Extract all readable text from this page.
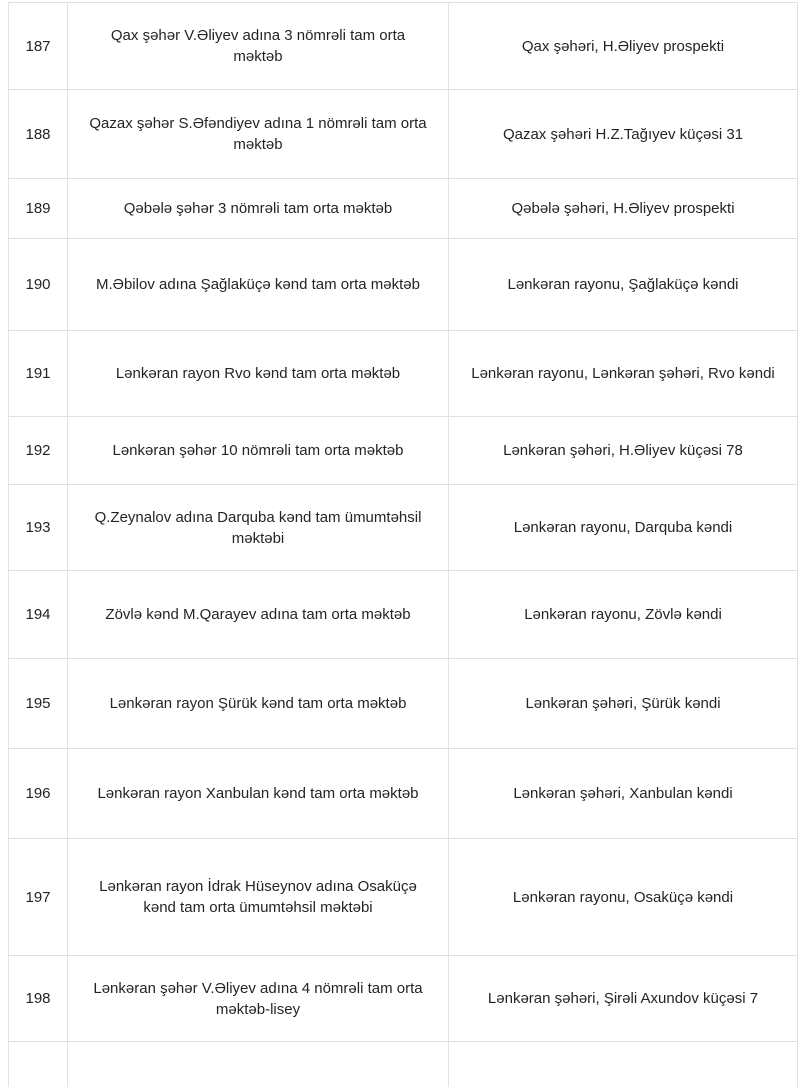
187	Qax şəhər V.Əliyev adına 3 nömrəli tam orta məktəb	Qax şəhəri, H.Əliyev prospekti
188	Qazax şəhər S.Əfəndiyev adına 1 nömrəli tam orta məktəb	Qazax şəhəri H.Z.Tağıyev küçəsi 31
189	Qəbələ şəhər 3 nömrəli tam orta məktəb	Qəbələ şəhəri, H.Əliyev prospekti
190	M.Əbilov adına Şağlaküçə kənd tam orta məktəb	Lənkəran rayonu, Şağlaküçə kəndi
191	Lənkəran rayon Rvo kənd tam orta məktəb	Lənkəran rayonu, Lənkəran şəhəri, Rvo kəndi
192	Lənkəran şəhər 10 nömrəli tam orta məktəb	Lənkəran şəhəri, H.Əliyev küçəsi 78
193	Q.Zeynalov adına Darquba kənd tam ümumtəhsil məktəbi	Lənkəran rayonu, Darquba kəndi
194	Zövlə kənd M.Qarayev adına tam orta məktəb	Lənkəran rayonu, Zövlə kəndi
195	Lənkəran rayon Şürük kənd tam orta məktəb	Lənkəran şəhəri, Şürük kəndi
196	Lənkəran rayon Xanbulan kənd tam orta məktəb	Lənkəran şəhəri, Xanbulan kəndi
197	Lənkəran rayon İdrak Hüseynov adına Osaküçə kənd tam orta ümumtəhsil məktəbi	Lənkəran rayonu, Osaküçə kəndi
198	Lənkəran şəhər V.Əliyev adına 4 nömrəli tam orta məktəb-lisey	Lənkəran şəhəri, Şirəli Axundov küçəsi 7
